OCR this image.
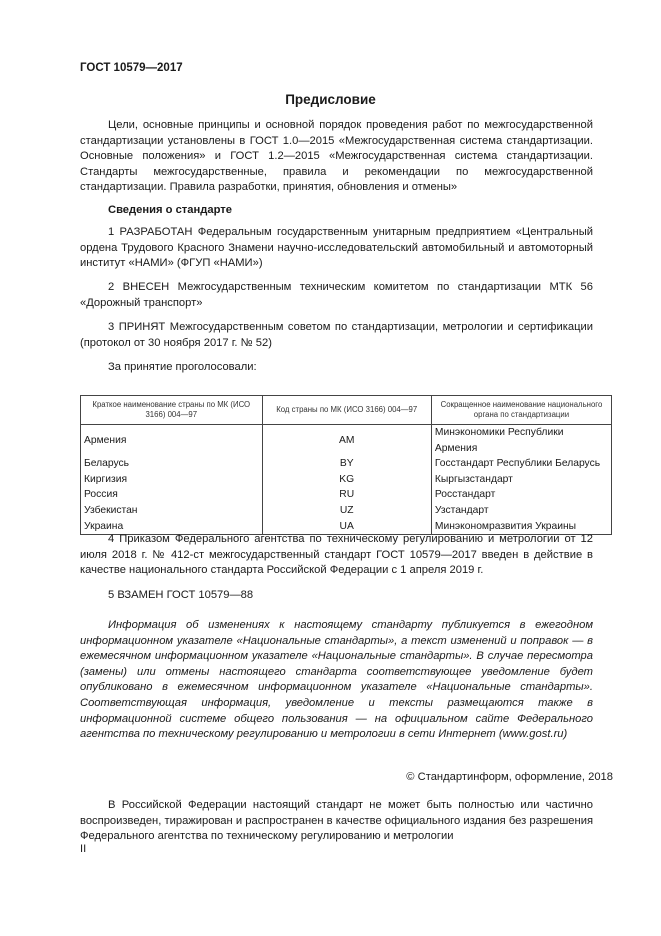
ГОСТ 10579—2017
Предисловие
Цели, основные принципы и основной порядок проведения работ по межгосударственной стандартизации установлены в ГОСТ 1.0—2015 «Межгосударственная система стандартизации. Основные положения» и ГОСТ 1.2—2015 «Межгосударственная система стандартизации. Стандарты межгосударственные, правила и рекомендации по межгосударственной стандартизации. Правила разработки, принятия, обновления и отмены»
Сведения о стандарте
1 РАЗРАБОТАН Федеральным государственным унитарным предприятием «Центральный ордена Трудового Красного Знамени научно-исследовательский автомобильный и автомоторный институт «НАМИ» (ФГУП «НАМИ»)
2 ВНЕСЕН Межгосударственным техническим комитетом по стандартизации МТК 56 «Дорожный транспорт»
3 ПРИНЯТ Межгосударственным советом по стандартизации, метрологии и сертификации (протокол от 30 ноября 2017 г. № 52)
За принятие проголосовали:
Краткое наименование страны по МК (ИСО 3166) 004—97	Код страны по МК (ИСО 3166) 004—97	Сокращенное наименование национального органа по стандартизации
Армения	AM	Минэкономики Республики Армения
Беларусь	BY	Госстандарт Республики Беларусь
Киргизия	KG	Кыргызстандарт
Россия	RU	Росстандарт
Узбекистан	UZ	Узстандарт
Украина	UA	Минэкономразвития Украины
4 Приказом Федерального агентства по техническому регулированию и метрологии от 12 июля 2018 г. № 412-ст межгосударственный стандарт ГОСТ 10579—2017 введен в действие в качестве национального стандарта Российской Федерации с 1 апреля 2019 г.
5 ВЗАМЕН ГОСТ 10579—88
Информация об изменениях к настоящему стандарту публикуется в ежегодном информационном указателе «Национальные стандарты», а текст изменений и поправок — в ежемесячном информационном указателе «Национальные стандарты». В случае пересмотра (замены) или отмены настоящего стандарта соответствующее уведомление будет опубликовано в ежемесячном информационном указателе «Национальные стандарты». Соответствующая информация, уведомление и тексты размещаются также в информационной системе общего пользования — на официальном сайте Федерального агентства по техническому регулированию и метрологии в сети Интернет (www.gost.ru)
© Стандартинформ, оформление, 2018
В Российской Федерации настоящий стандарт не может быть полностью или частично воспроизведен, тиражирован и распространен в качестве официального издания без разрешения Федерального агентства по техническому регулированию и метрологии
II
